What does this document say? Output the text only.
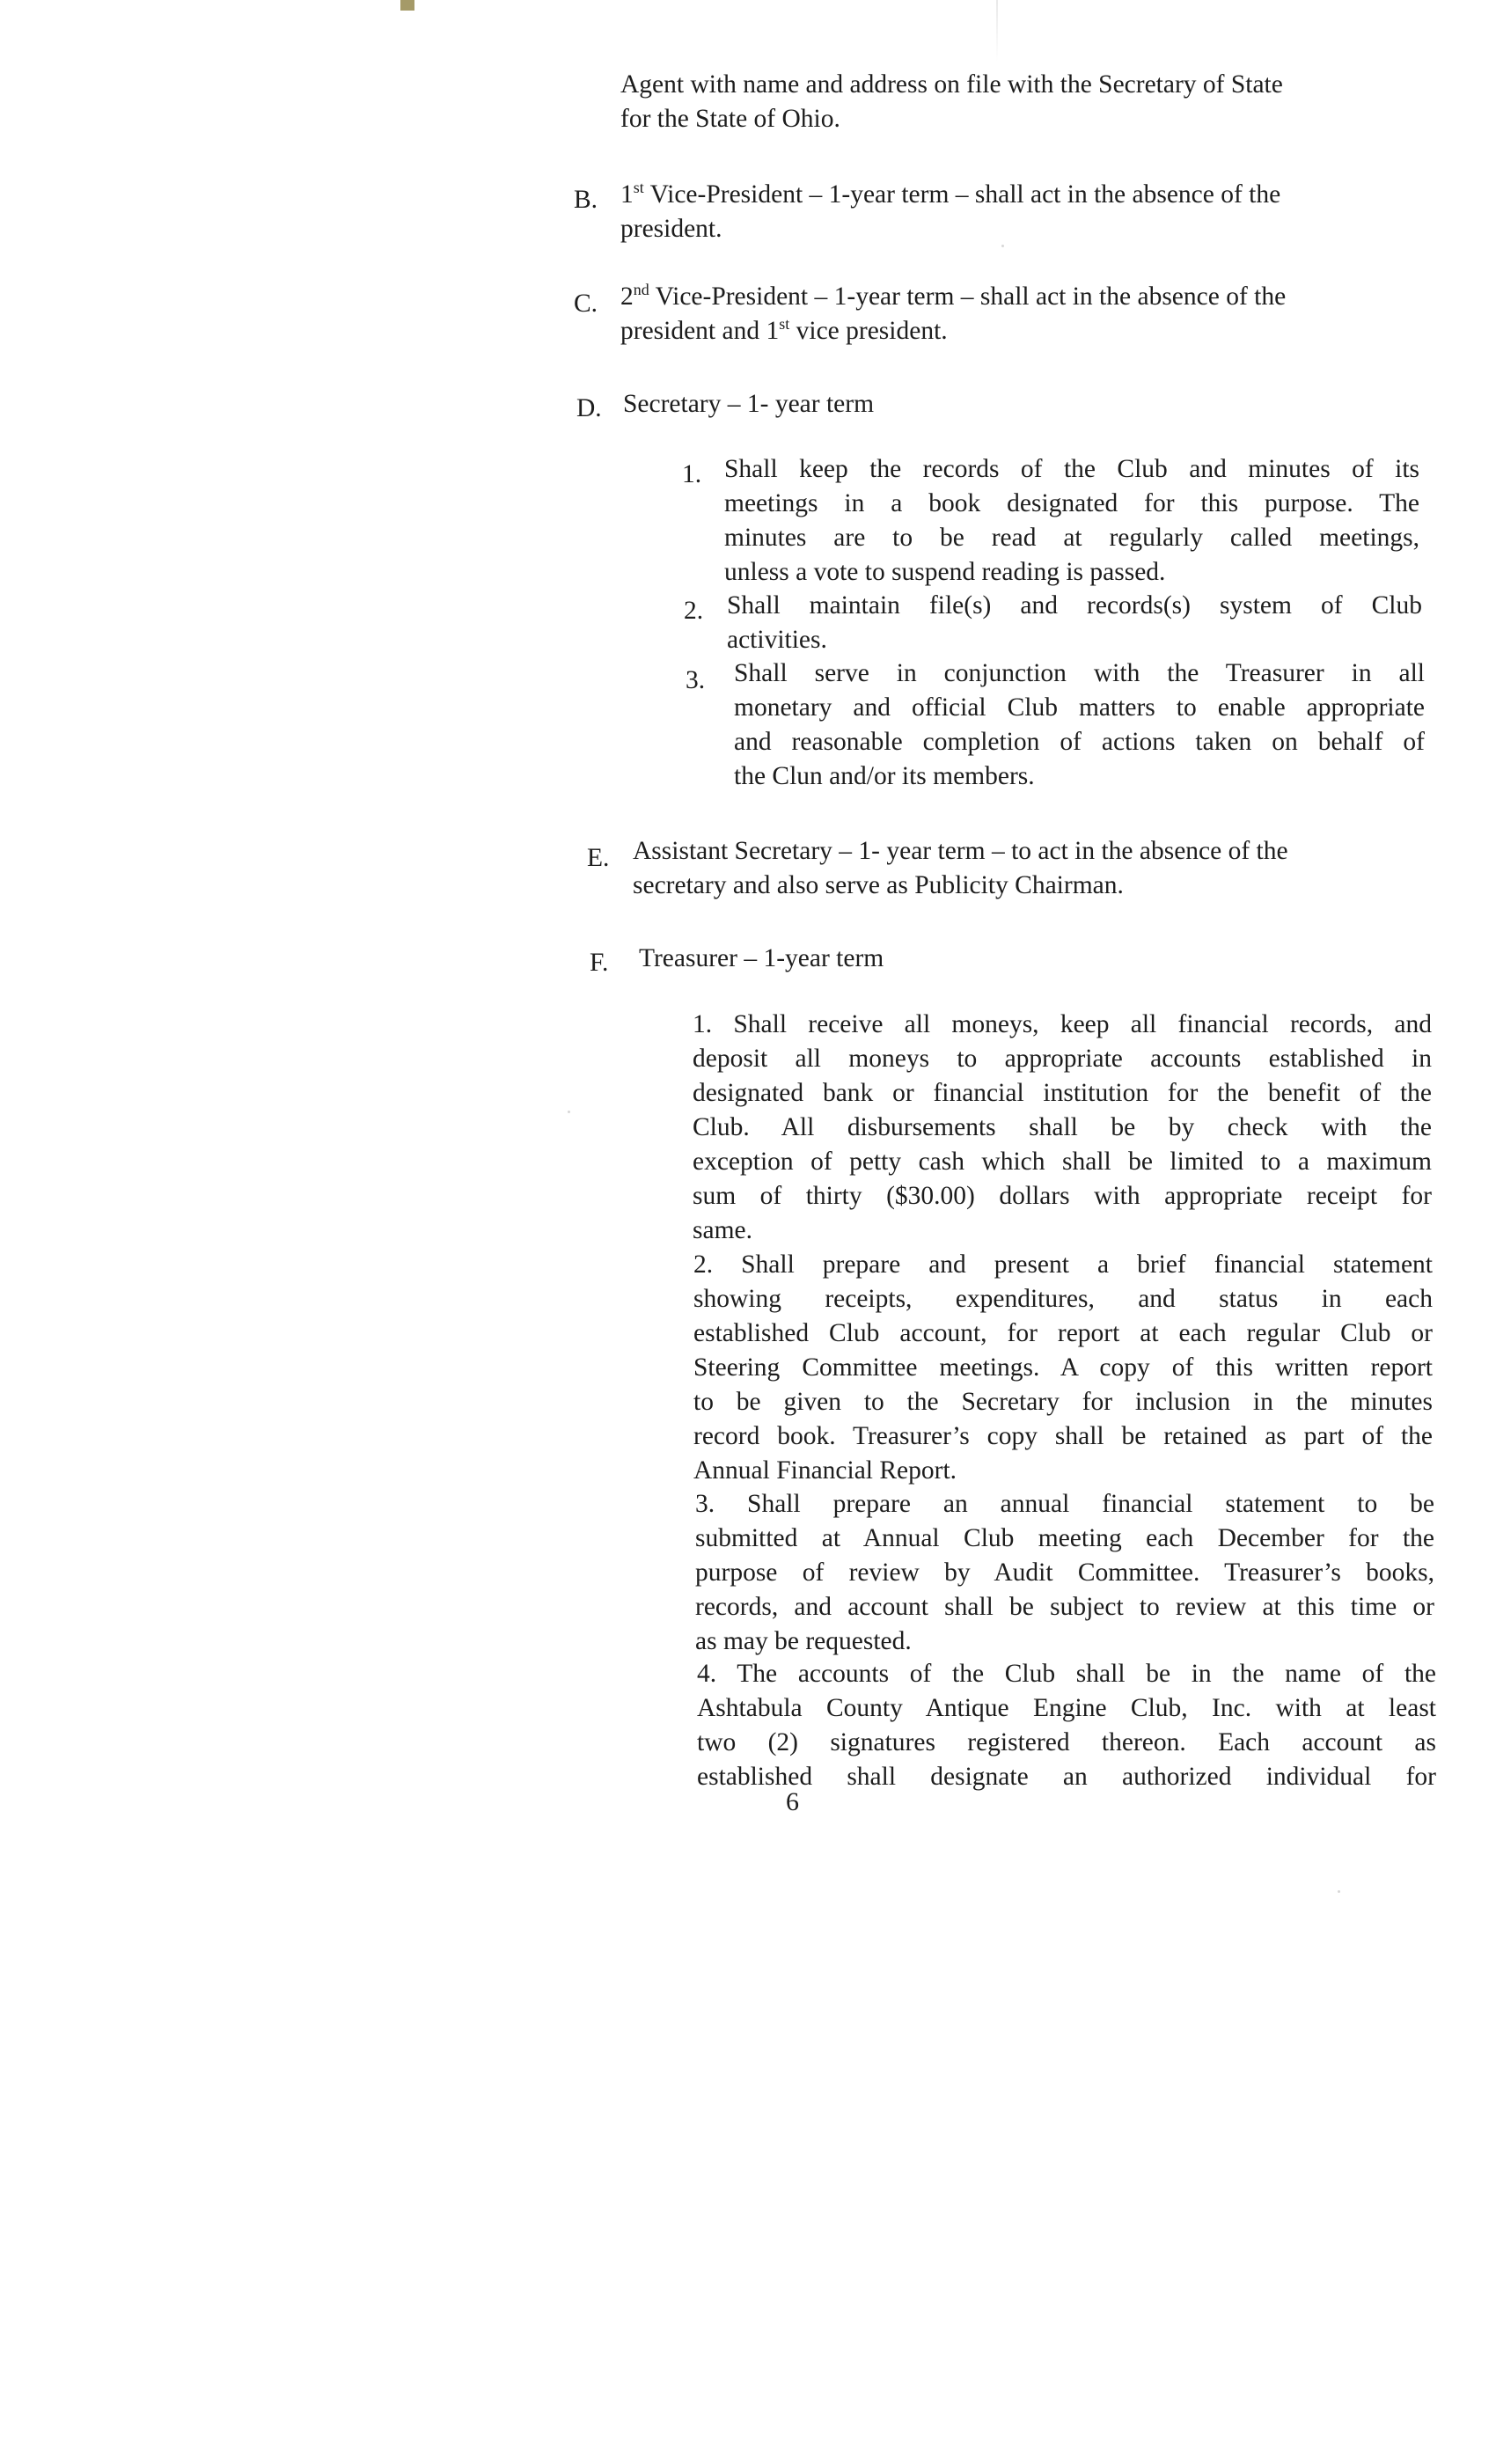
Agent with name and address on file with the Secretary of State
for the State of Ohio.
B. 1st Vice-President – 1-year term – shall act in the absence of the
president.
C. 2nd Vice-President – 1-year term – shall act in the absence of the
president and 1st vice president.
D. Secretary – 1- year term
1. Shall keep the records of the Club and minutes of its
meetings in a book designated for this purpose. The
minutes are to be read at regularly called meetings,
unless a vote to suspend reading is passed.
2. Shall maintain file(s) and records(s) system of Club
activities.
3. Shall serve in conjunction with the Treasurer in all
monetary and official Club matters to enable appropriate
and reasonable completion of actions taken on behalf of
the Clun and/or its members.
E. Assistant Secretary – 1- year term – to act in the absence of the
secretary and also serve as Publicity Chairman.
F. Treasurer – 1-year term
1. Shall receive all moneys, keep all financial records, and
deposit all moneys to appropriate accounts established in
designated bank or financial institution for the benefit of the
Club. All disbursements shall be by check with the
exception of petty cash which shall be limited to a maximum
sum of thirty ($30.00) dollars with appropriate receipt for
same.
2. Shall prepare and present a brief financial statement
showing receipts, expenditures, and status in each
established Club account, for report at each regular Club or
Steering Committee meetings. A copy of this written report
to be given to the Secretary for inclusion in the minutes
record book. Treasurer’s copy shall be retained as part of the
Annual Financial Report.
3. Shall prepare an annual financial statement to be
submitted at Annual Club meeting each December for the
purpose of review by Audit Committee. Treasurer’s books,
records, and account shall be subject to review at this time or
as may be requested.
4. The accounts of the Club shall be in the name of the
Ashtabula County Antique Engine Club, Inc. with at least
two (2) signatures registered thereon. Each account as
established shall designate an authorized individual for
6
